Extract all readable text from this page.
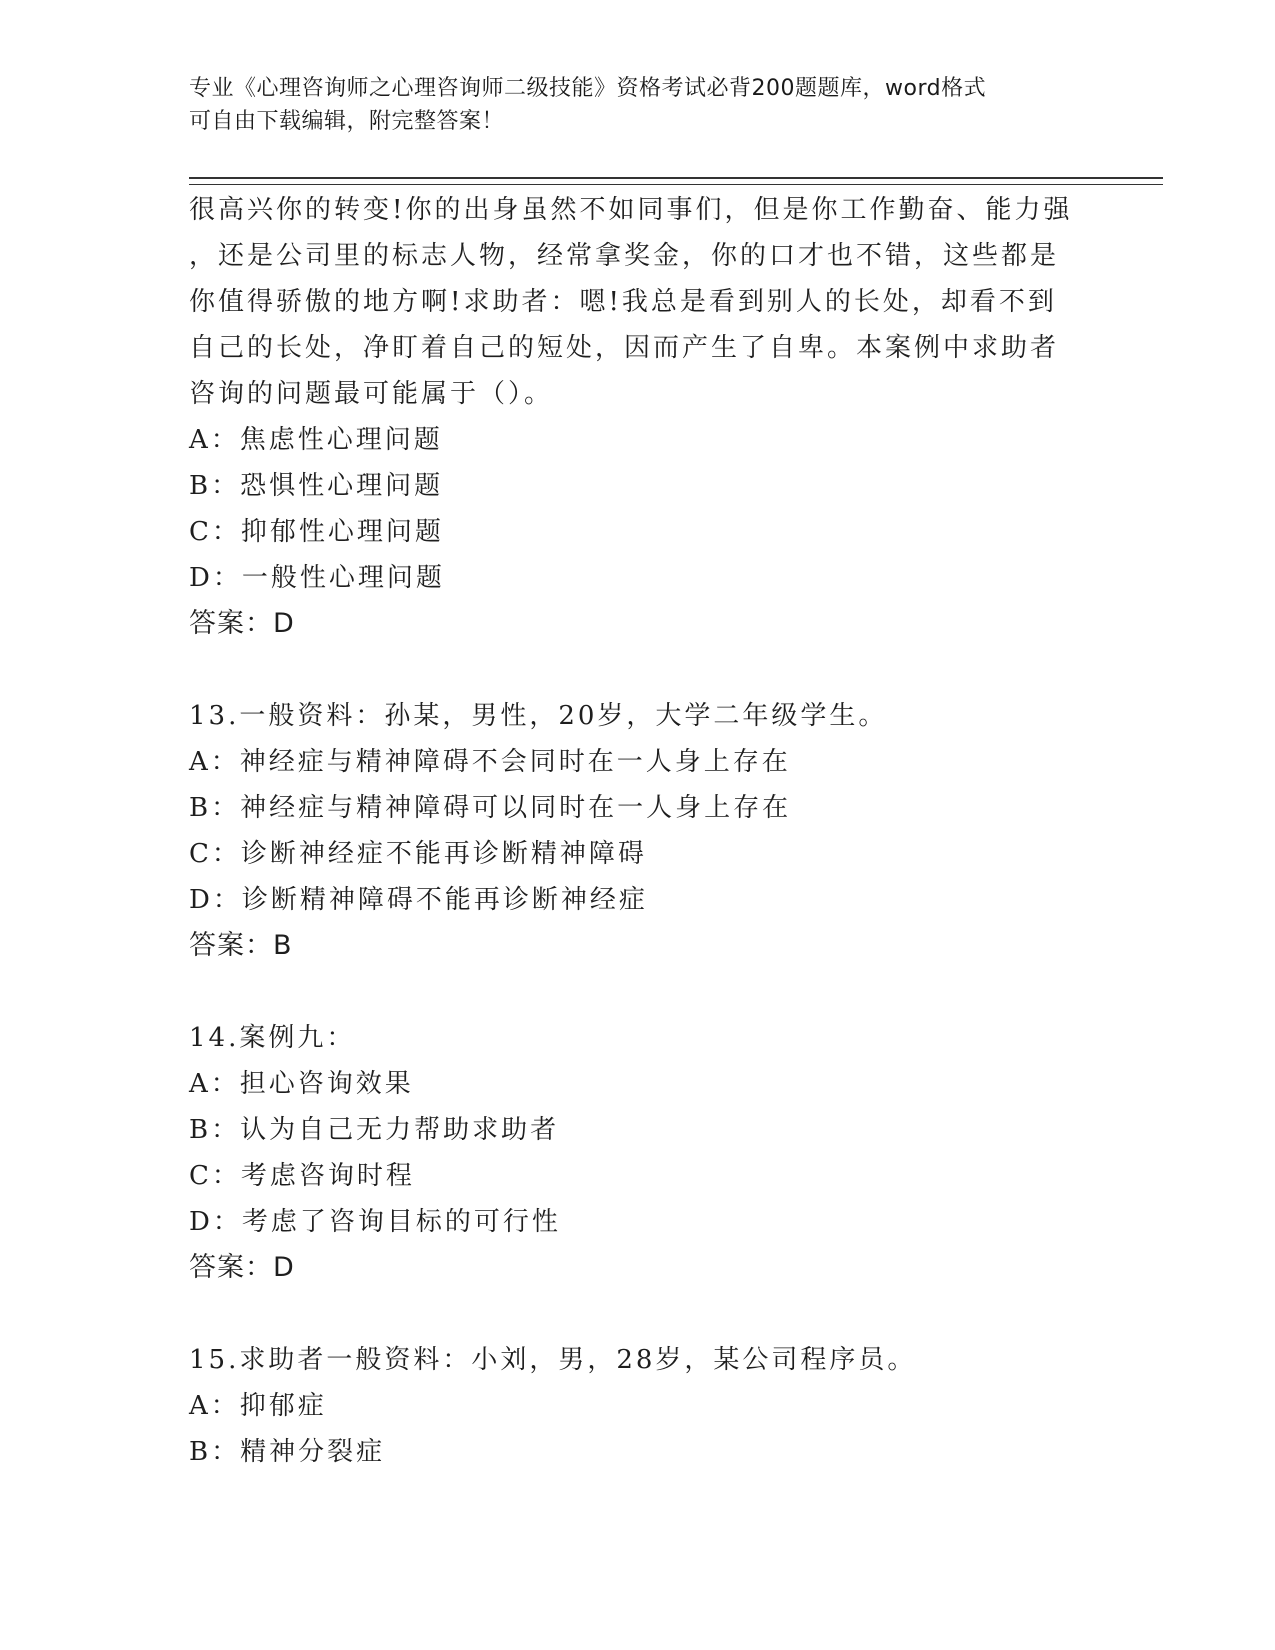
专业《心理咨询师之心理咨询师二级技能》资格考试必背200题题库，word格式
可自由下载编辑，附完整答案！
很高兴你的转变!你的出身虽然不如同事们，但是你工作勤奋、能力强
，还是公司里的标志人物，经常拿奖金，你的口才也不错，这些都是
你值得骄傲的地方啊!求助者：嗯!我总是看到别人的长处，却看不到
自己的长处，净盯着自己的短处，因而产生了自卑。本案例中求助者
咨询的问题最可能属于（）。
A：焦虑性心理问题
B：恐惧性心理问题
C：抑郁性心理问题
D：一般性心理问题
答案：D
13.一般资料：孙某，男性，20岁，大学二年级学生。
A：神经症与精神障碍不会同时在一人身上存在
B：神经症与精神障碍可以同时在一人身上存在
C：诊断神经症不能再诊断精神障碍
D：诊断精神障碍不能再诊断神经症
答案：B
14.案例九：
A：担心咨询效果
B：认为自己无力帮助求助者
C：考虑咨询时程
D：考虑了咨询目标的可行性
答案：D
15.求助者一般资料：小刘，男，28岁，某公司程序员。
A：抑郁症
B：精神分裂症
